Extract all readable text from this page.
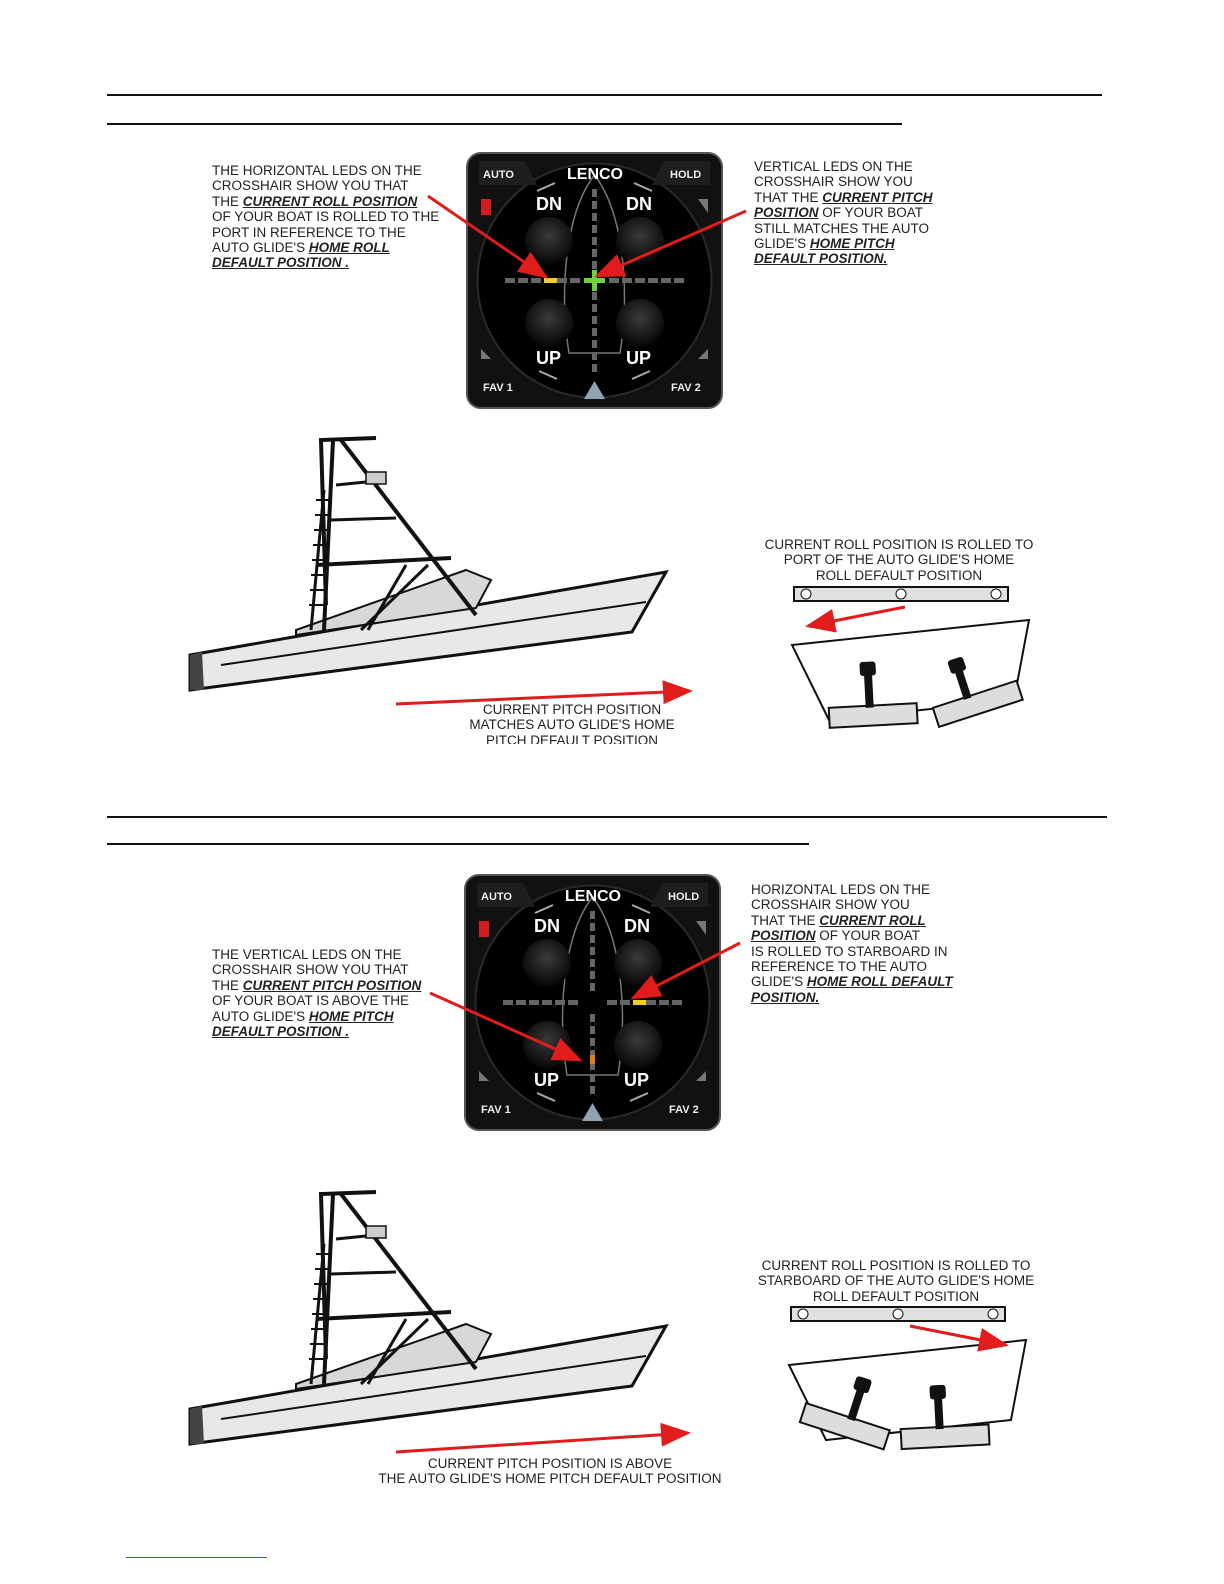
THE HORIZONTAL LEDS ON THE
CROSSHAIR SHOW YOU THAT
THE CURRENT ROLL POSITION
OF YOUR BOAT IS ROLLED TO THE
PORT IN REFERENCE TO THE
AUTO GLIDE'S HOME ROLL
DEFAULT POSITION .
VERTICAL LEDS ON THE
CROSSHAIR SHOW YOU
THAT THE CURRENT PITCH
POSITION OF YOUR BOAT
STILL MATCHES THE AUTO
GLIDE'S HOME PITCH
DEFAULT POSITION.
CURRENT ROLL POSITION IS ROLLED TO
PORT OF THE AUTO GLIDE'S HOME
ROLL DEFAULT POSITION
CURRENT PITCH POSITION
MATCHES AUTO GLIDE'S HOME
PITCH DEFAULT POSITION
THE VERTICAL LEDS ON THE
CROSSHAIR SHOW YOU THAT
THE CURRENT PITCH POSITION
OF YOUR BOAT IS ABOVE THE
AUTO GLIDE'S HOME PITCH
DEFAULT POSITION .
HORIZONTAL LEDS ON THE
CROSSHAIR SHOW YOU
THAT THE CURRENT ROLL
POSITION OF YOUR BOAT
IS ROLLED TO STARBOARD IN
REFERENCE TO THE AUTO
GLIDE'S HOME ROLL DEFAULT
POSITION.
CURRENT ROLL POSITION IS ROLLED TO
STARBOARD OF THE AUTO GLIDE'S HOME
ROLL DEFAULT POSITION
CURRENT PITCH POSITION IS ABOVE
THE AUTO GLIDE'S HOME PITCH DEFAULT POSITION
AUTO	HOLD
LENCO
DN	DN
UP	UP
FAV 1	FAV 2
AUTO	HOLD
LENCO
DN	DN
UP	UP
FAV 1	FAV 2
